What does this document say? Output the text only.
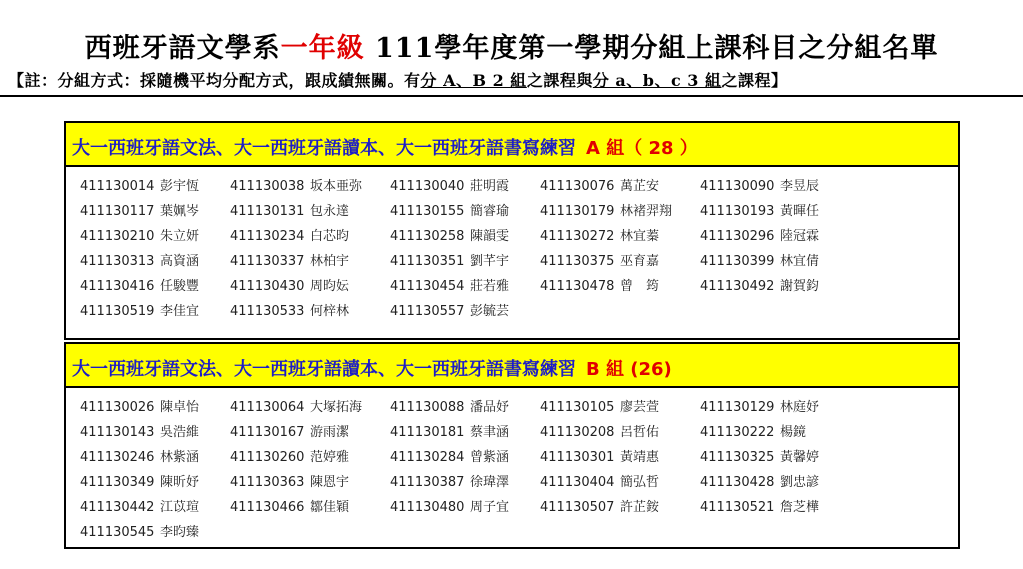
西班牙語文學系一年級 111學年度第一學期分組上課科目之分組名單
【註：分組方式：採隨機平均分配方式，跟成績無關。有分 A、B 2 組之課程與分 a、b、c 3 組之課程】
大一西班牙語文法、大一西班牙語讀本、大一西班牙語書寫練習 A 組（ 28 ）
411130014 彭宇恆 411130038 坂本亜弥 411130040 莊明霞 411130076 萬芷安	411130090 李昱辰
411130117 葉姵岑 411130131 包永達	411130155 簡睿瑜 411130179 林褚羿翔 411130193 黃暉任
411130210 朱立妍 411130234 白芯昀	411130258 陳韻雯 411130272 林宜蓁	411130296 陸冠霖
411130313 高資涵 411130337 林柏宇	411130351 劉芊宇 411130375 巫育嘉	411130399 林宜倩
411130416 任駿豐 411130430 周昀妘	411130454 莊若雅 411130478 曾　筠	411130492 謝賀鈞
411130519 李佳宜 411130533 何梓林	411130557 彭毓芸
大一西班牙語文法、大一西班牙語讀本、大一西班牙語書寫練習 B 組 (26)
411130026 陳卓怡 411130064 大塚拓海 411130088 潘品妤 411130105 廖芸萱	411130129 林庭妤
411130143 吳浩維 411130167 游雨潔	411130181 蔡聿涵 411130208 呂哲佑	411130222 楊鏡
411130246 林紫涵 411130260 范婷雅	411130284 曾紫涵 411130301 黃靖惠	411130325 黃馨婷
411130349 陳昕妤 411130363 陳恩宇	411130387 徐瑋澤 411130404 簡弘哲	411130428 劉忠諺
411130442 江苡瑄 411130466 鄒佳穎	411130480 周子宜 411130507 許芷銨	411130521 詹芝樺
411130545 李昀臻
